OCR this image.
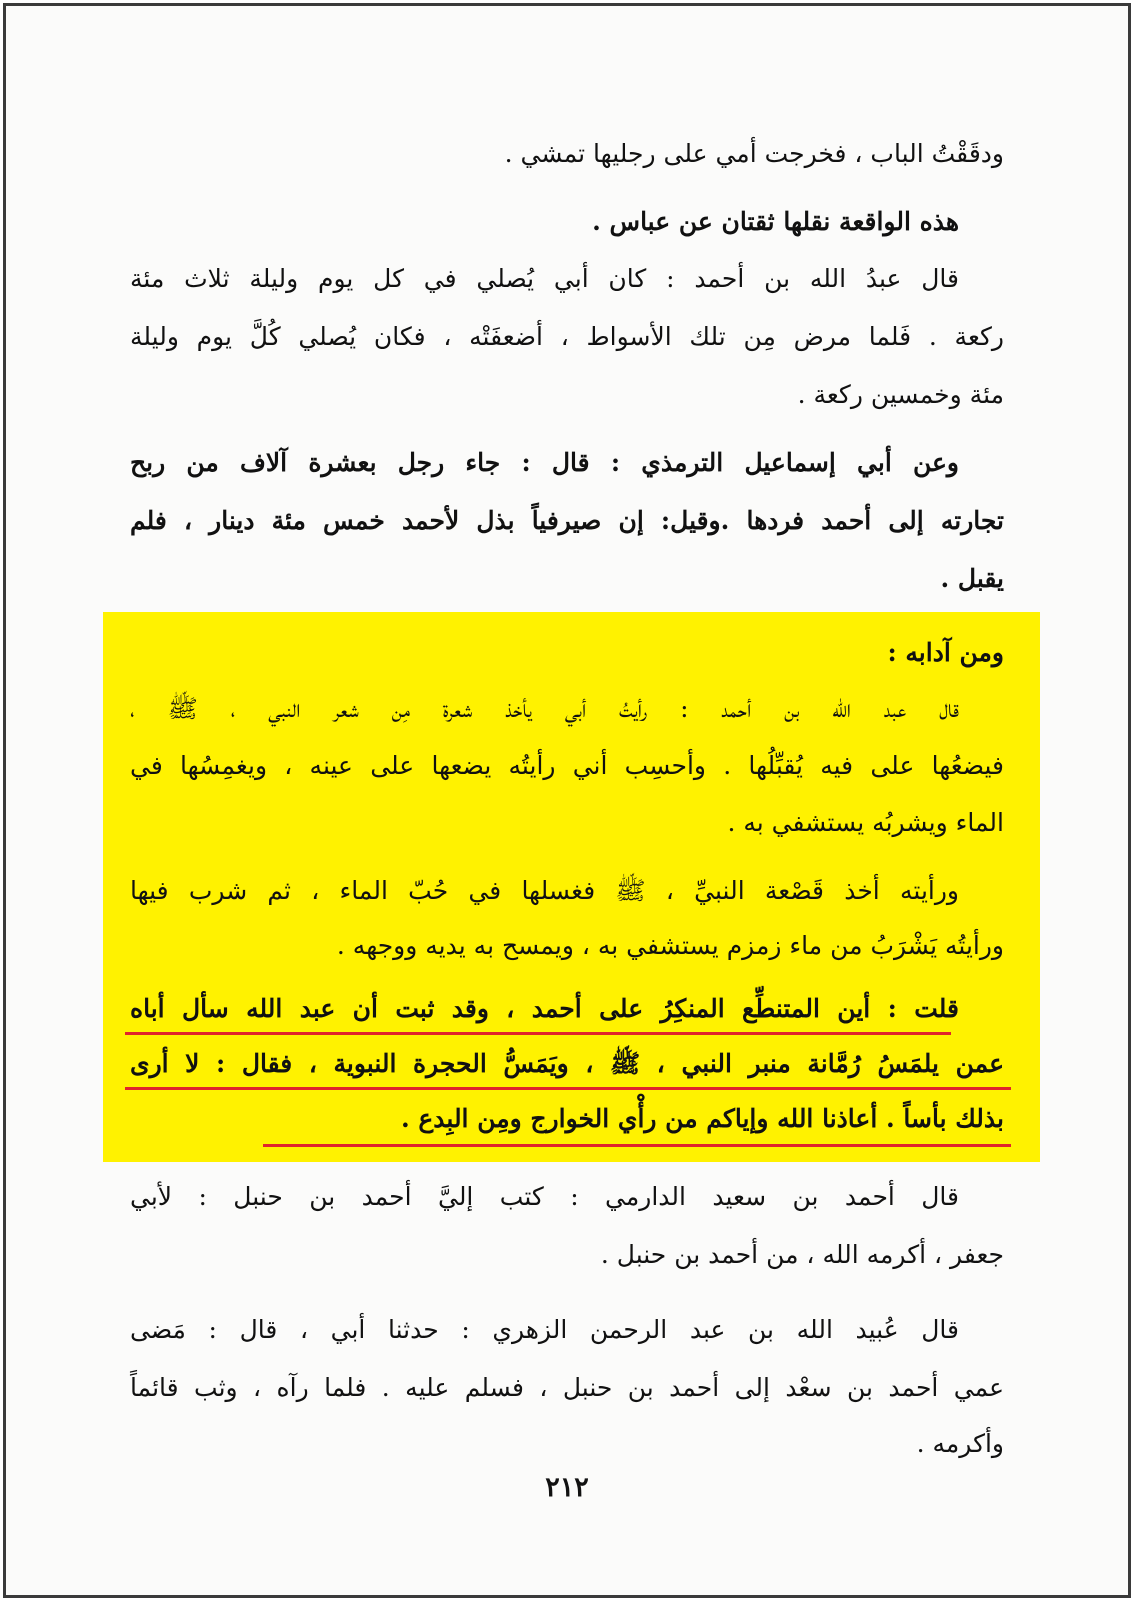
ودقَقْتُ الباب ، فخرجت أمي على رجليها تمشي .
هذه الواقعة نقلها ثقتان عن عباس .
قال عبدُ الله بن أحمد : كان أبي يُصلي في كل يوم وليلة ثلاث مئة
ركعة . فَلما مرض مِن تلك الأسواط ، أضعفَتْه ، فكان يُصلي كُلَّ يوم وليلة
مئة وخمسين ركعة .
وعن أبي إسماعيل الترمذي : قال : جاء رجل بعشرة آلاف من ربح
تجارته إلى أحمد فردها .وقيل: إن صيرفياً بذل لأحمد خمس مئة دينار ، فلم
يقبل .
ومن آدابه :
قال عبد الله بن أحمد : رأيتُ أبي يأخذ شعرة مِن شعر النبي ، ﷺ ،
فيضعُها على فيه يُقبِّلُها . وأحسِب أني رأيتُه يضعها على عينه ، ويغمِسُها في
الماء ويشربُه يستشفي به .
ورأيته أخذ قَصْعة النبيِّ ، ﷺ فغسلها في حُبّ الماء ، ثم شرب فيها
ورأيتُه يَشْرَبُ من ماء زمزم يستشفي به ، ويمسح به يديه ووجهه .
قلت : أين المتنطِّع المنكِرُ على أحمد ، وقد ثبت أن عبد الله سأل أباه
عمن يلمَسُ رُمَّانة منبر النبي ، ﷺ ، ويَمَسُّ الحجرة النبوية ، فقال : لا أرى
بذلك بأساً . أعاذنا الله وإياكم من رأْي الخوارج ومِن البِدع .
قال أحمد بن سعيد الدارمي : كتب إليَّ أحمد بن حنبل : لأبي
جعفر ، أكرمه الله ، من أحمد بن حنبل .
قال عُبيد الله بن عبد الرحمن الزهري : حدثنا أبي ، قال : مَضى
عمي أحمد بن سعْد إلى أحمد بن حنبل ، فسلم عليه . فلما رآه ، وثب قائماً
وأكرمه .
٢١٢
